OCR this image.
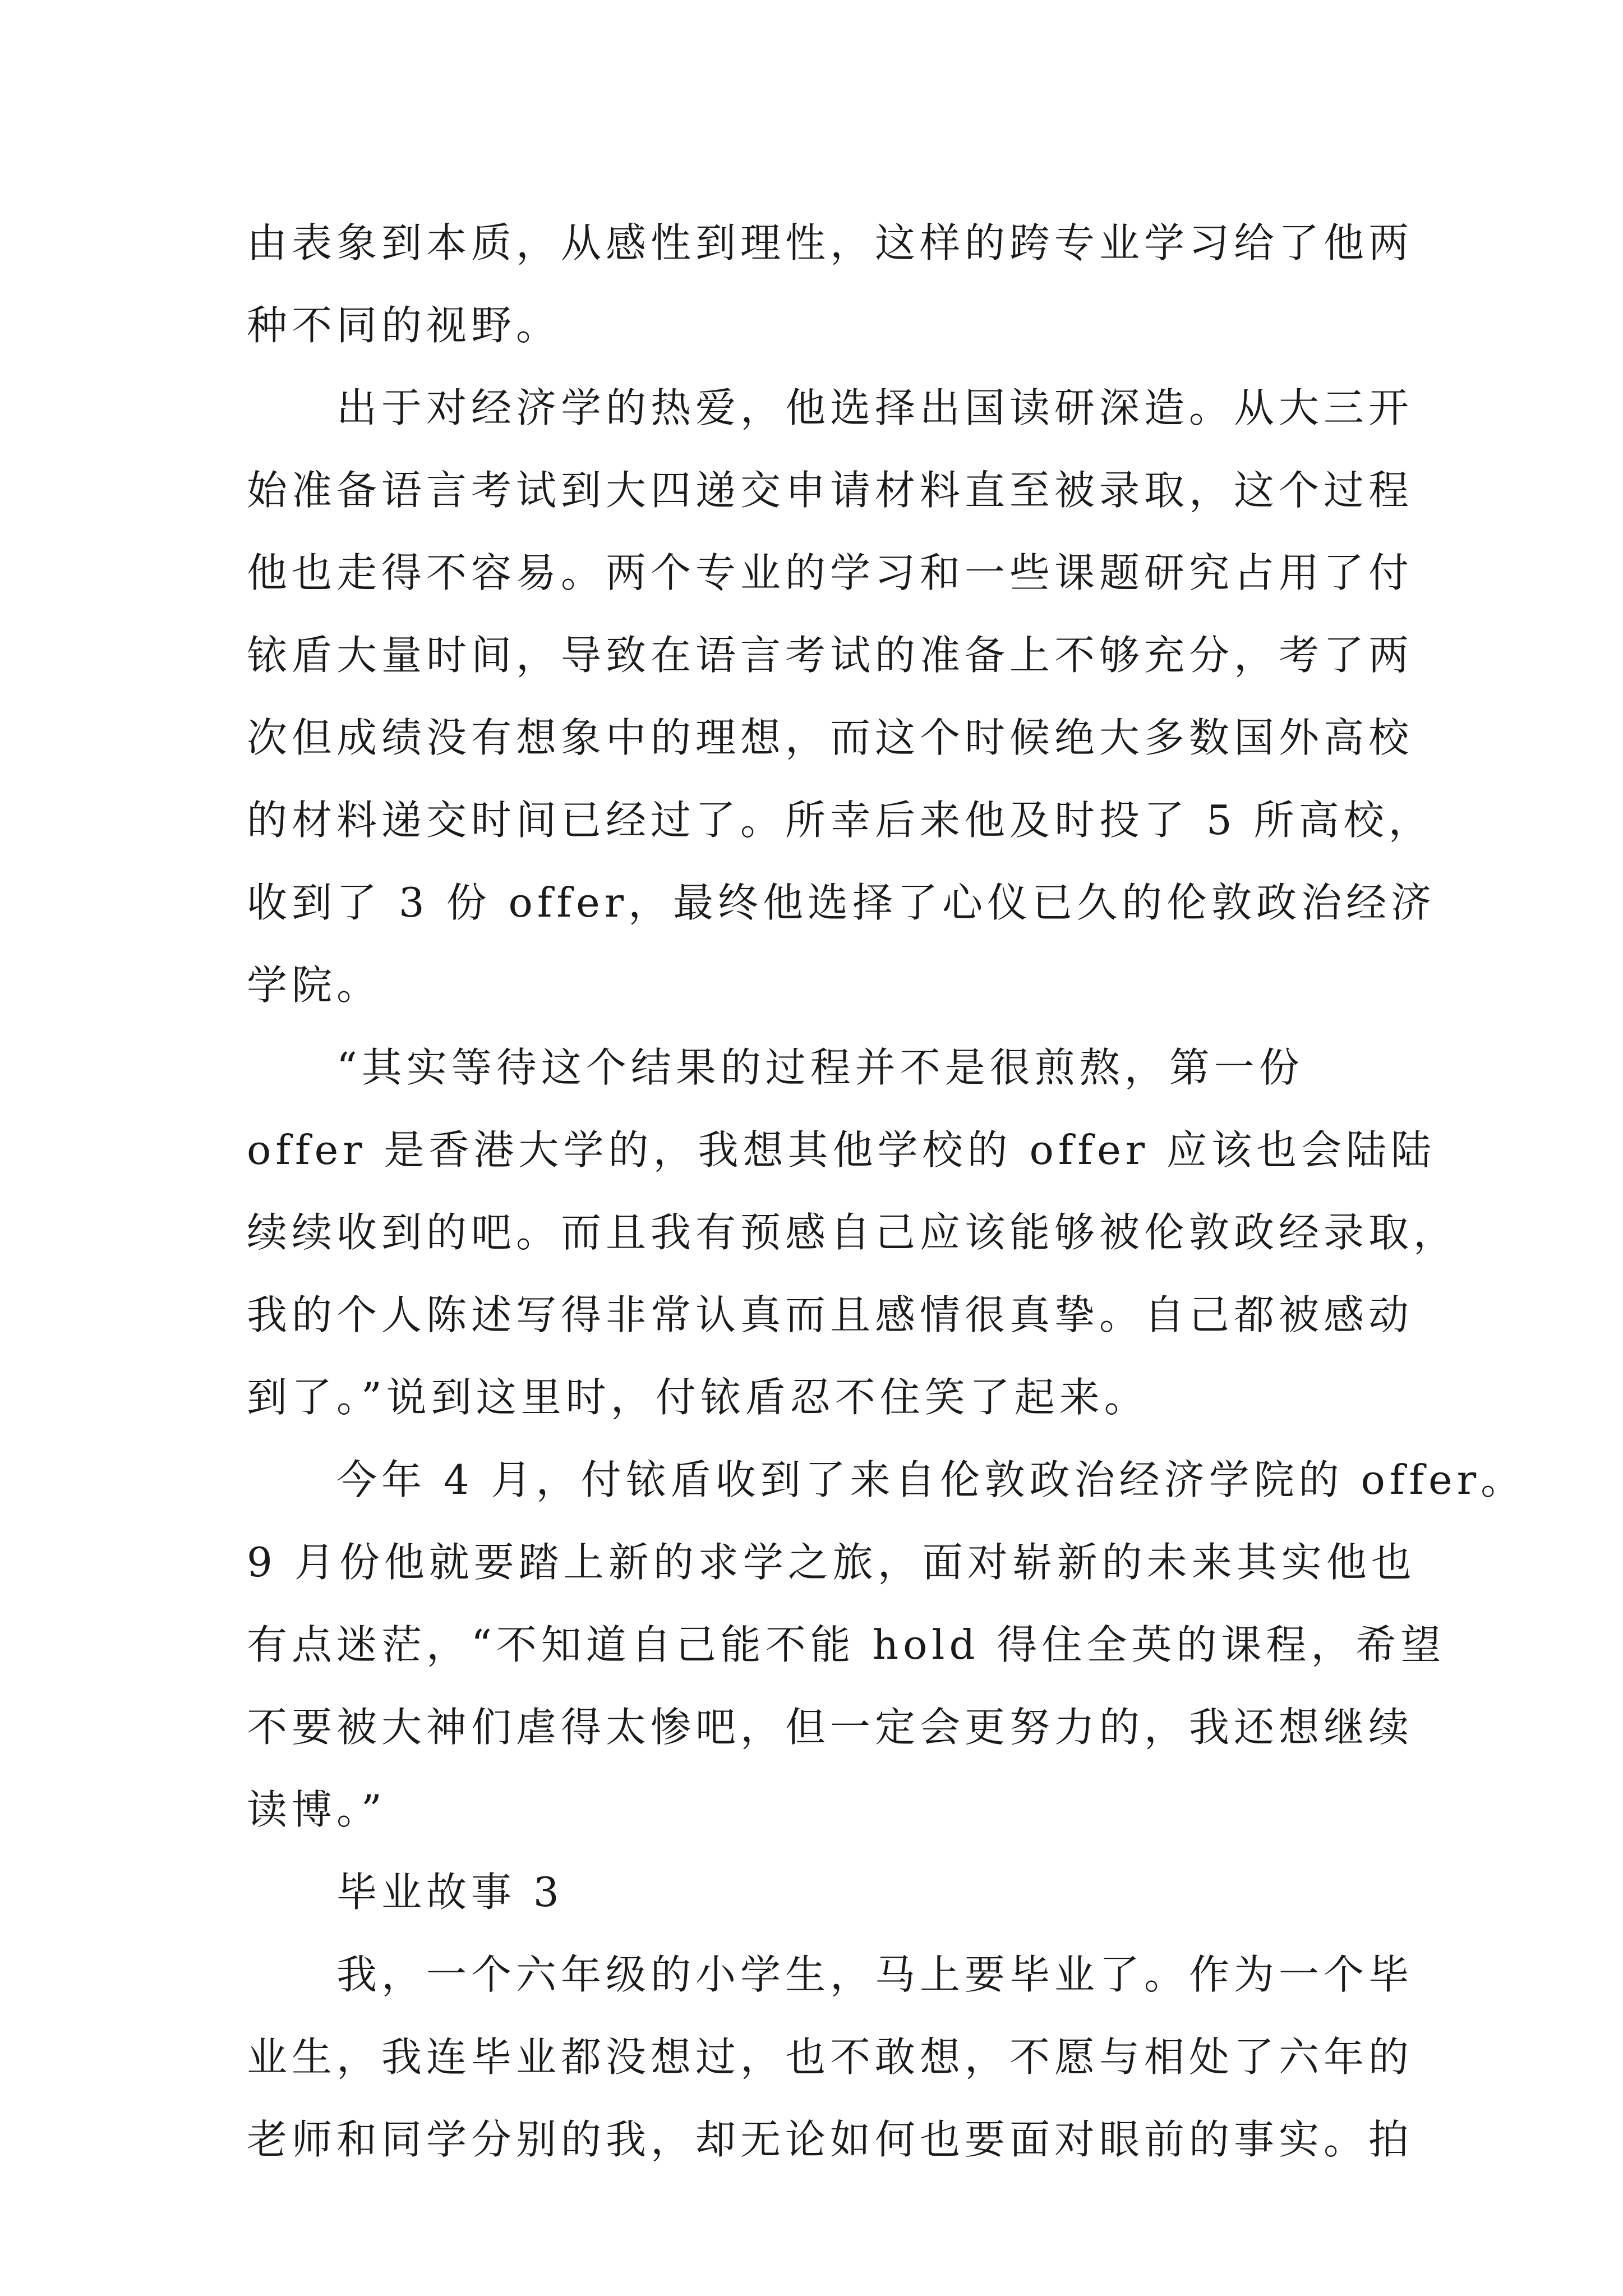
由表象到本质，从感性到理性，这样的跨专业学习给了他两
种不同的视野。
　　出于对经济学的热爱，他选择出国读研深造。从大三开
始准备语言考试到大四递交申请材料直至被录取，这个过程
他也走得不容易。两个专业的学习和一些课题研究占用了付
铱盾大量时间，导致在语言考试的准备上不够充分，考了两
次但成绩没有想象中的理想，而这个时候绝大多数国外高校
的材料递交时间已经过了。所幸后来他及时投了 5 所高校，
收到了 3 份 offer，最终他选择了心仪已久的伦敦政治经济
学院。
　　“其实等待这个结果的过程并不是很煎熬，第一份
offer 是香港大学的，我想其他学校的 offer 应该也会陆陆
续续收到的吧。而且我有预感自己应该能够被伦敦政经录取，
我的个人陈述写得非常认真而且感情很真挚。自己都被感动
到了。”说到这里时，付铱盾忍不住笑了起来。
　　今年 4 月，付铱盾收到了来自伦敦政治经济学院的 offer。
9 月份他就要踏上新的求学之旅，面对崭新的未来其实他也
有点迷茫，“不知道自己能不能 hold 得住全英的课程，希望
不要被大神们虐得太惨吧，但一定会更努力的，我还想继续
读博。”
　　毕业故事 3
　　我，一个六年级的小学生，马上要毕业了。作为一个毕
业生，我连毕业都没想过，也不敢想，不愿与相处了六年的
老师和同学分别的我，却无论如何也要面对眼前的事实。拍
